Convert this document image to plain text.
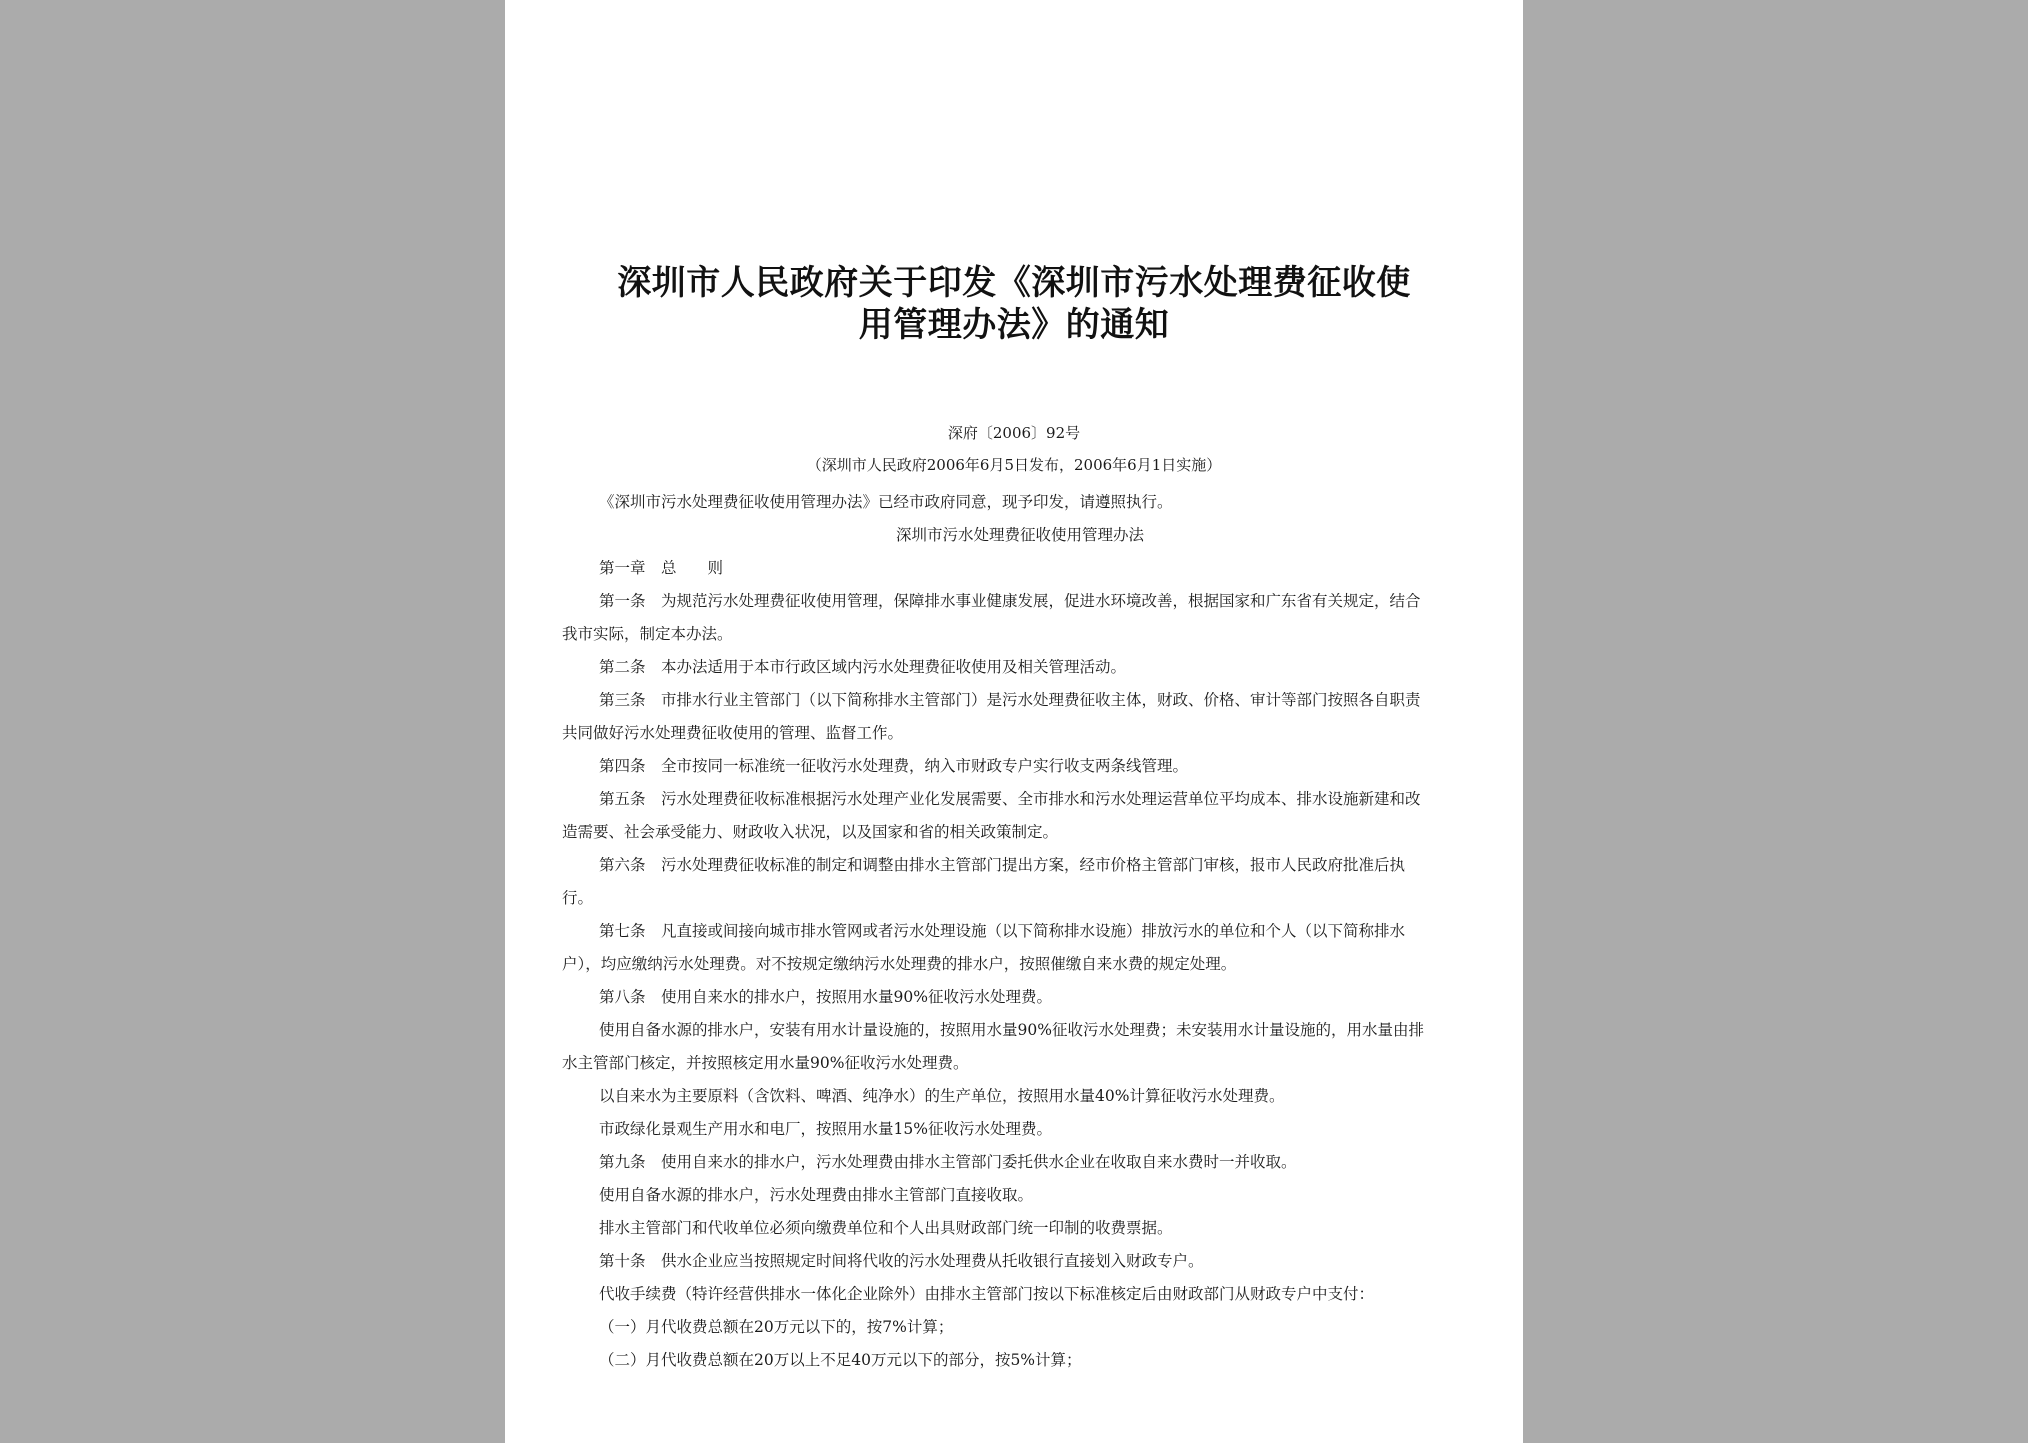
深圳市人民政府关于印发《深圳市污水处理费征收使
用管理办法》的通知
深府〔2006〕92号
（深圳市人民政府2006年6月5日发布，2006年6月1日实施）
《深圳市污水处理费征收使用管理办法》已经市政府同意，现予印发，请遵照执行。
深圳市污水处理费征收使用管理办法
第一章　总　　则
第一条　为规范污水处理费征收使用管理，保障排水事业健康发展，促进水环境改善，根据国家和广东省有关规定，结合
我市实际，制定本办法。
第二条　本办法适用于本市行政区域内污水处理费征收使用及相关管理活动。
第三条　市排水行业主管部门（以下简称排水主管部门）是污水处理费征收主体，财政、价格、审计等部门按照各自职责
共同做好污水处理费征收使用的管理、监督工作。
第四条　全市按同一标准统一征收污水处理费，纳入市财政专户实行收支两条线管理。
第五条　污水处理费征收标准根据污水处理产业化发展需要、全市排水和污水处理运营单位平均成本、排水设施新建和改
造需要、社会承受能力、财政收入状况，以及国家和省的相关政策制定。
第六条　污水处理费征收标准的制定和调整由排水主管部门提出方案，经市价格主管部门审核，报市人民政府批准后执
行。
第七条　凡直接或间接向城市排水管网或者污水处理设施（以下简称排水设施）排放污水的单位和个人（以下简称排水
户），均应缴纳污水处理费。对不按规定缴纳污水处理费的排水户，按照催缴自来水费的规定处理。
第八条　使用自来水的排水户，按照用水量90%征收污水处理费。
使用自备水源的排水户，安装有用水计量设施的，按照用水量90%征收污水处理费；未安装用水计量设施的，用水量由排
水主管部门核定，并按照核定用水量90%征收污水处理费。
以自来水为主要原料（含饮料、啤酒、纯净水）的生产单位，按照用水量40%计算征收污水处理费。
市政绿化景观生产用水和电厂，按照用水量15%征收污水处理费。
第九条　使用自来水的排水户，污水处理费由排水主管部门委托供水企业在收取自来水费时一并收取。
使用自备水源的排水户，污水处理费由排水主管部门直接收取。
排水主管部门和代收单位必须向缴费单位和个人出具财政部门统一印制的收费票据。
第十条　供水企业应当按照规定时间将代收的污水处理费从托收银行直接划入财政专户。
代收手续费（特许经营供排水一体化企业除外）由排水主管部门按以下标准核定后由财政部门从财政专户中支付：
（一）月代收费总额在20万元以下的，按7%计算；
（二）月代收费总额在20万以上不足40万元以下的部分，按5%计算；
